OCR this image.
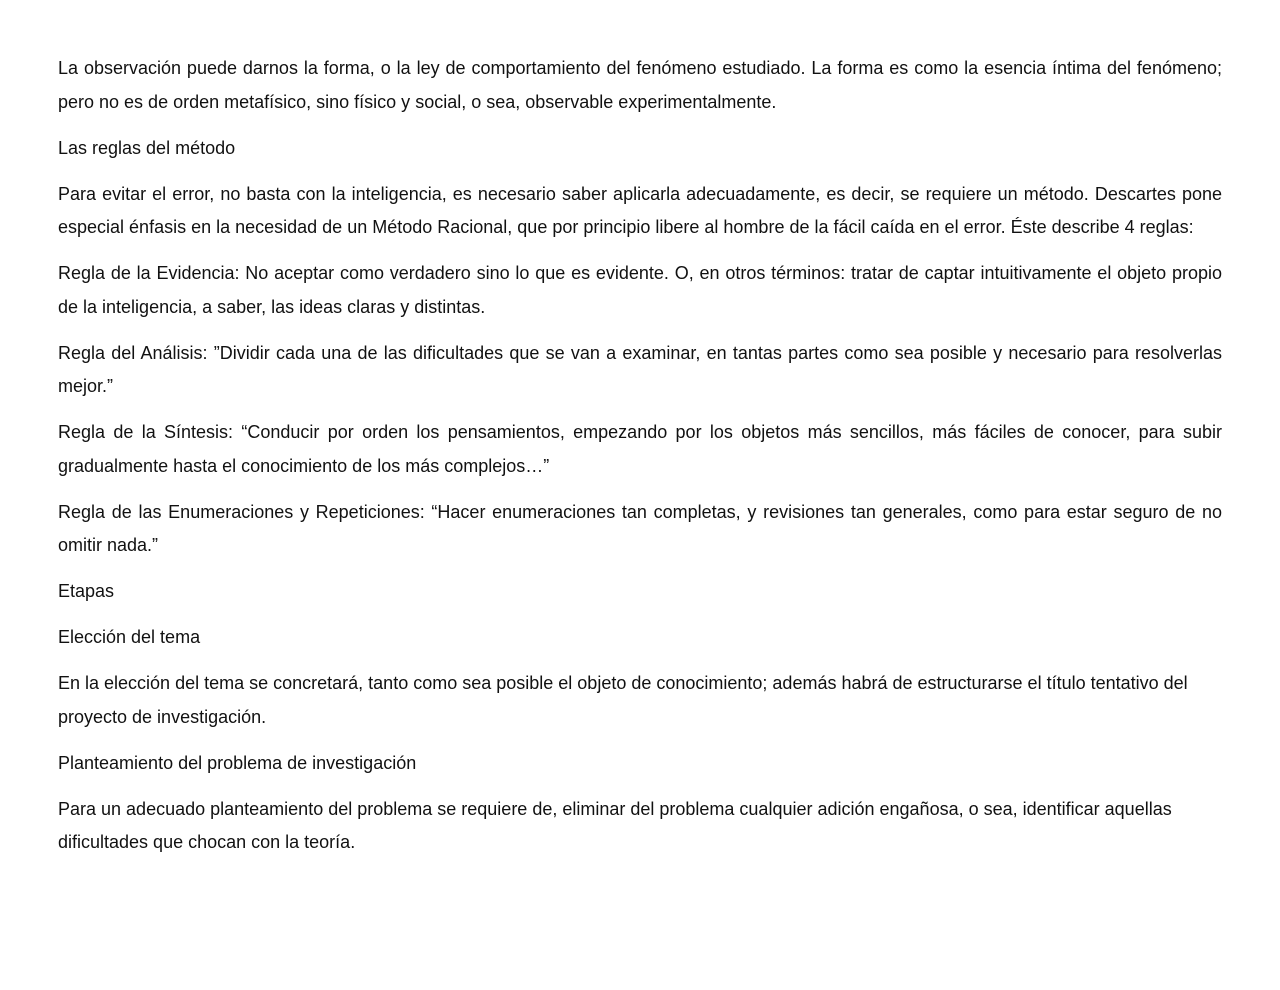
La observación puede darnos la forma, o la ley de comportamiento del fenómeno estudiado. La forma es como la esencia íntima del fenómeno; pero no es de orden metafísico, sino físico y social, o sea, observable experimentalmente.

Las reglas del método

Para evitar el error, no basta con la inteligencia, es necesario saber aplicarla adecuadamente, es decir, se requiere un método. Descartes pone especial énfasis en la necesidad de un Método Racional, que por principio libere al hombre de la fácil caída en el error. Éste describe 4 reglas:

Regla de la Evidencia: No aceptar como verdadero sino lo que es evidente. O, en otros términos: tratar de captar intuitivamente el objeto propio de la inteligencia, a saber, las ideas claras y distintas.

Regla del Análisis: ”Dividir cada una de las dificultades que se van a examinar, en tantas partes como sea posible y necesario para resolverlas mejor.”

Regla de la Síntesis: “Conducir por orden los pensamientos, empezando por los objetos más sencillos, más fáciles de conocer, para subir gradualmente hasta el conocimiento de los más complejos…”

Regla de las Enumeraciones y Repeticiones: “Hacer enumeraciones tan completas, y revisiones tan generales, como para estar seguro de no omitir nada.”

Etapas

Elección del tema

En la elección del tema se concretará, tanto como sea posible el objeto de conocimiento; además habrá de estructurarse el título tentativo del proyecto de investigación.

Planteamiento del problema de investigación

Para un adecuado planteamiento del problema se requiere de, eliminar del problema cualquier adición engañosa, o sea, identificar aquellas dificultades que chocan con la teoría.
